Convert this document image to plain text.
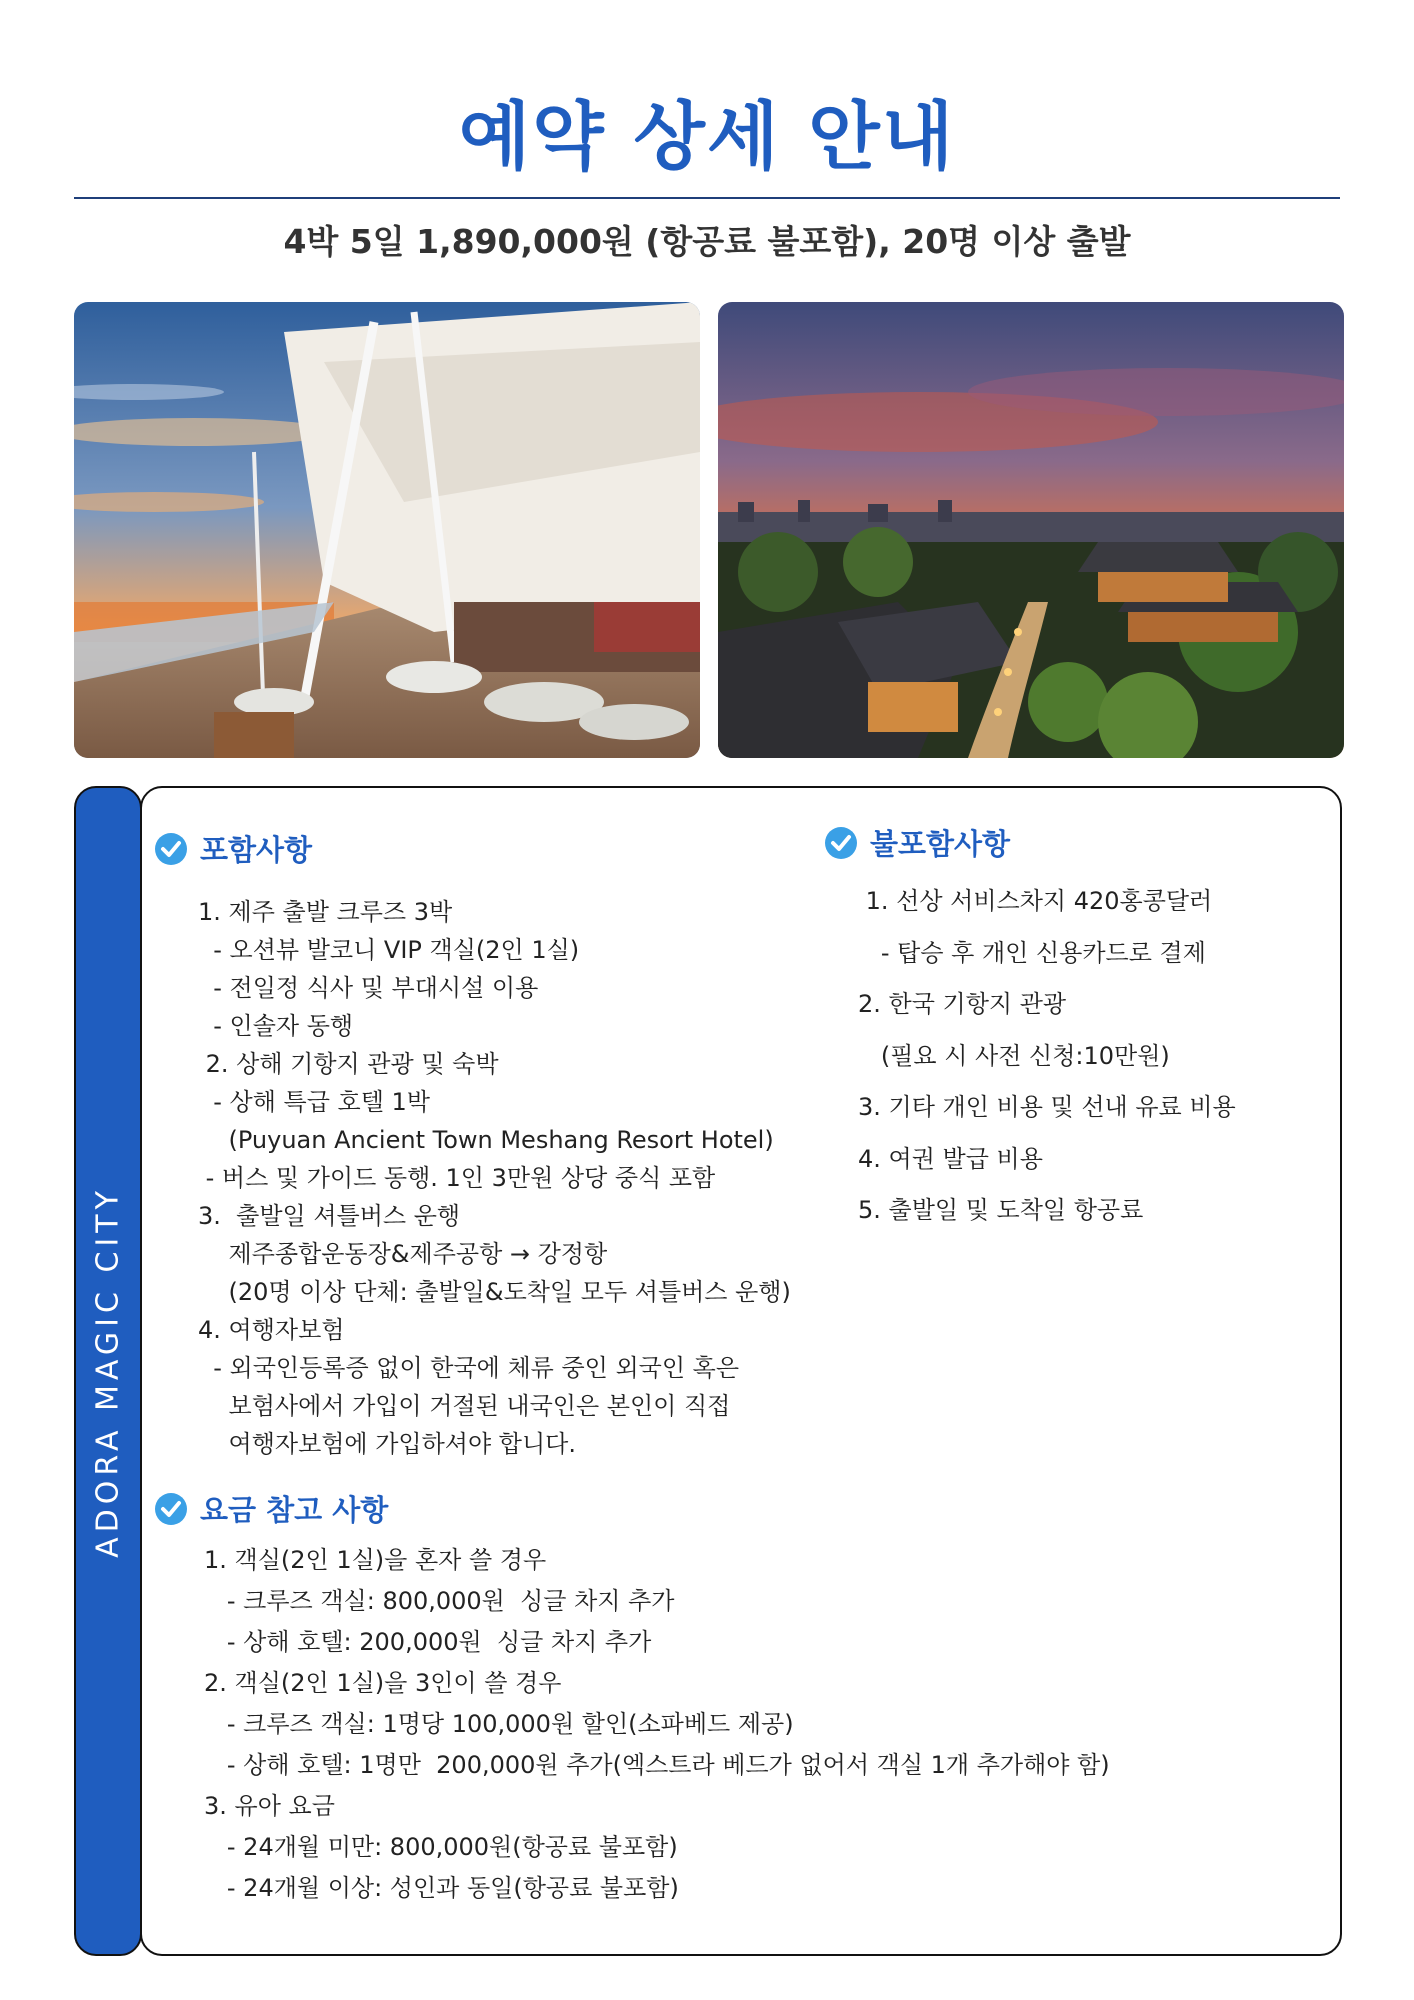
예약 상세 안내
4박 5일 1,890,000원 (항공료 불포함), 20명 이상 출발
ADORA MAGIC CITY
포함사항
1. 제주 출발 크루즈 3박
- 오션뷰 발코니 VIP 객실(2인 1실)
- 전일정 식사 및 부대시설 이용
- 인솔자 동행
2. 상해 기항지 관광 및 숙박
- 상해 특급 호텔 1박
(Puyuan Ancient Town Meshang Resort Hotel)
- 버스 및 가이드 동행. 1인 3만원 상당 중식 포함
3.  출발일 셔틀버스 운행
제주종합운동장&제주공항 → 강정항
(20명 이상 단체: 출발일&도착일 모두 셔틀버스 운행)
4. 여행자보험
- 외국인등록증 없이 한국에 체류 중인 외국인 혹은
보험사에서 가입이 거절된 내국인은 본인이 직접
여행자보험에 가입하셔야 합니다.
불포함사항
1. 선상 서비스차지 420홍콩달러
- 탑승 후 개인 신용카드로 결제
2. 한국 기항지 관광
(필요 시 사전 신청:10만원)
3. 기타 개인 비용 및 선내 유료 비용
4. 여권 발급 비용
5. 출발일 및 도착일 항공료
요금 참고 사항
1. 객실(2인 1실)을 혼자 쓸 경우
- 크루즈 객실: 800,000원  싱글 차지 추가
- 상해 호텔: 200,000원  싱글 차지 추가
2. 객실(2인 1실)을 3인이 쓸 경우
- 크루즈 객실: 1명당 100,000원 할인(소파베드 제공)
- 상해 호텔: 1명만  200,000원 추가(엑스트라 베드가 없어서 객실 1개 추가해야 함)
3. 유아 요금
- 24개월 미만: 800,000원(항공료 불포함)
- 24개월 이상: 성인과 동일(항공료 불포함)
